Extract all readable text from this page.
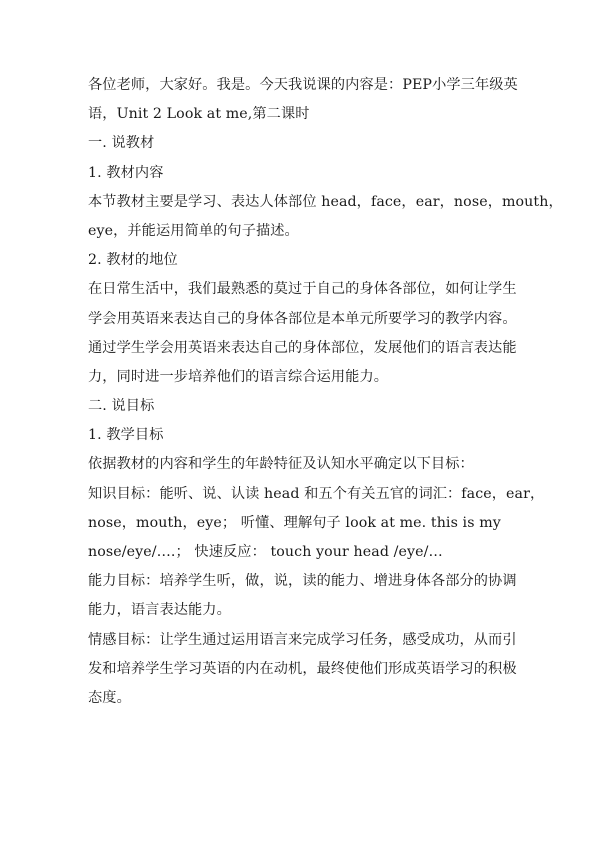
各位老师，大家好。我是。今天我说课的内容是：PEP小学三年级英
语，Unit 2 Look at me,第二课时
一. 说教材
1. 教材内容
本节教材主要是学习、表达人体部位 head，face，ear，nose，mouth，
eye，并能运用简单的句子描述。
2. 教材的地位
在日常生活中，我们最熟悉的莫过于自己的身体各部位，如何让学生
学会用英语来表达自己的身体各部位是本单元所要学习的教学内容。
通过学生学会用英语来表达自己的身体部位，发展他们的语言表达能
力，同时进一步培养他们的语言综合运用能力。
二. 说目标
1. 教学目标
依据教材的内容和学生的年龄特征及认知水平确定以下目标：
知识目标：能听、说、认读 head 和五个有关五官的词汇：face，ear，
nose，mouth，eye； 听懂、理解句子 look at me. this is my
nose/eye/….； 快速反应： touch your head /eye/…
能力目标：培养学生听，做，说，读的能力、增进身体各部分的协调
能力，语言表达能力。
情感目标：让学生通过运用语言来完成学习任务，感受成功，从而引
发和培养学生学习英语的内在动机，最终使他们形成英语学习的积极
态度。
